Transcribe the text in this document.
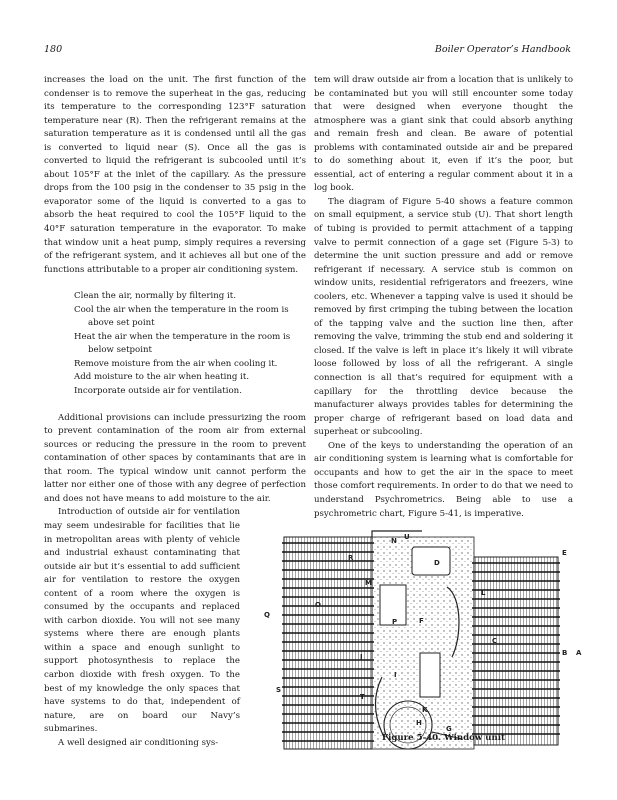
180	Boiler Operator’s Handbook

increases the load on the unit. The first function of the condenser is to remove the superheat in the gas, reducing its temperature to the corresponding 123°F saturation temperature near (R). Then the refrigerant remains at the saturation temperature as it is condensed until all the gas is converted to liquid near (S). Once all the gas is converted to liquid the refrigerant is subcooled until it’s about 105°F at the inlet of the capillary. As the pressure drops from the 100 psig in the condenser to 35 psig in the evaporator some of the liquid is converted to a gas to absorb the heat required to cool the 105°F liquid to the 40°F saturation temperature in the evaporator. To make that window unit a heat pump, simply requires a reversing of the refrigerant system, and it achieves all but one of the functions attributable to a proper air conditioning system.

Clean the air, normally by filtering it.
Cool the air when the temperature in the room is above set point
Heat the air when the temperature in the room is below setpoint
Remove moisture from the air when cooling it.
Add moisture to the air when heating it.
Incorporate outside air for ventilation.

Additional provisions can include pressurizing the room to prevent contamination of the room air from external sources or reducing the pressure in the room to prevent contamination of other spaces by contaminants that are in that room. The typical window unit cannot perform the latter nor either one of those with any degree of perfection and does not have means to add moisture to the air.

Introduction of outside air for ventilation may seem undesirable for facilities that lie in metropolitan areas with plenty of vehicle and industrial exhaust contaminating that outside air but it’s essential to add sufficient air for ventilation to restore the oxygen content of a room where the oxygen is consumed by the occupants and replaced with carbon dioxide. You will not see many systems where there are enough plants within a space and enough sunlight to support photosynthesis to replace the carbon dioxide with fresh oxygen. To the best of my knowledge the only spaces that have systems to do that, independent of nature, are on board our Navy’s submarines.

A well designed air conditioning sys-

tem will draw outside air from a location that is unlikely to be contaminated but you will still encounter some today that were designed when everyone thought the atmosphere was a giant sink that could absorb anything and remain fresh and clean. Be aware of potential problems with contaminated outside air and be prepared to do something about it, even if it’s the poor, but essential, act of entering a regular comment about it in a log book.

The diagram of Figure 5-40 shows a feature common on small equipment, a service stub (U). That short length of tubing is provided to permit attachment of a tapping valve to permit connection of a gage set (Figure 5-3) to determine the unit suction pressure and add or remove refrigerant if necessary. A service stub is common on window units, residential refrigerators and freezers, wine coolers, etc. Whenever a tapping valve is used it should be removed by first crimping the tubing between the location of the tapping valve and the suction line then, after removing the valve, trimming the stub end and soldering it closed. If the valve is left in place it’s likely it will vibrate loose followed by loss of all the refrigerant. A single connection is all that’s required for equipment with a capillary for the throttling device because the manufacturer always provides tables for determining the proper charge of refrigerant based on load data and superheat or subcooling.

One of the keys to understanding the operation of an air conditioning system is learning what is comfortable for occupants and how to get the air in the space to meet those comfort requirements. In order to do that we need to understand Psychrometrics. Being able to use a psychrometric chart, Figure 5-41, is imperative.

N U
R
D
E
M
L
O
Q
P	F
C
B A
J
I
S
T
K
H
G
Figure 5-40. Window unit
